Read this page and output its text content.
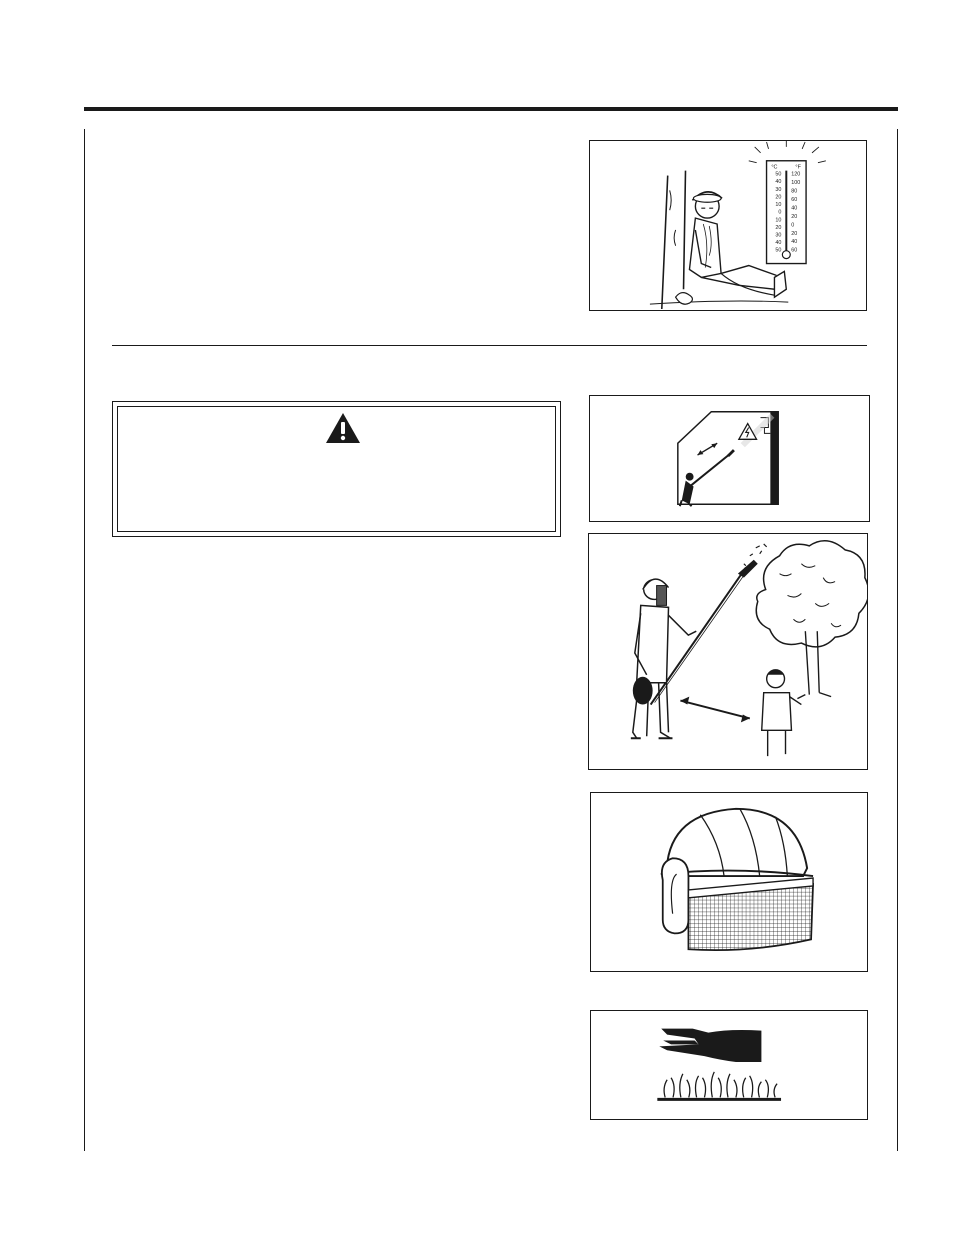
°C	°F
50
40
30
20
10
0
10
20
30
40
50
120
100
80
60
40
20
0
20
40
60
